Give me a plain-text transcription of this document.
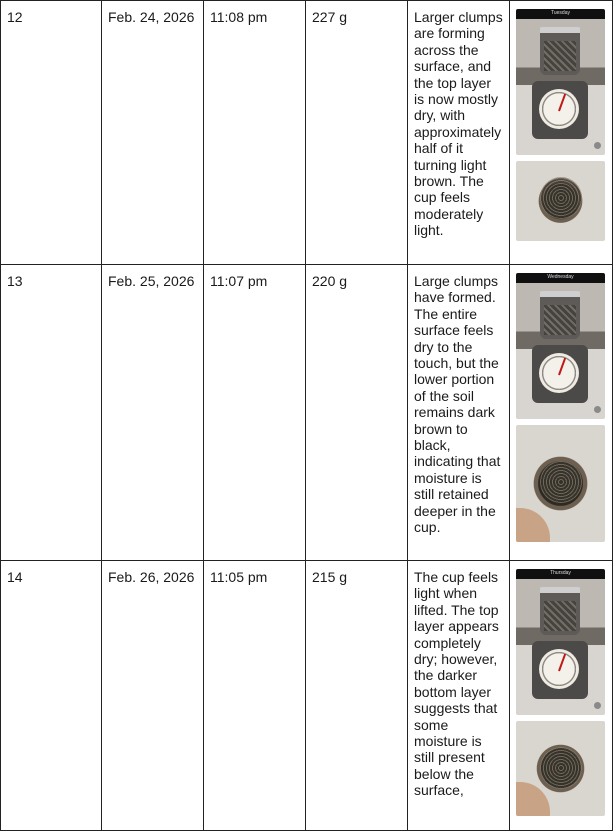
12	Feb. 24, 2026	11:08 pm	227 g	Larger clumps are forming across the surface, and the top layer is now mostly dry, with approximately half of it turning light brown. The cup feels moderately light.	Tuesday

13	Feb. 25, 2026	11:07 pm	220 g	Large clumps have formed. The entire surface feels dry to the touch, but the lower portion of the soil remains dark brown to black, indicating that moisture is still retained deeper in the cup.	Wednesday

14	Feb. 26, 2026	11:05 pm	215 g	The cup feels light when lifted. The top layer appears completely dry; however, the darker bottom layer suggests that some moisture is still present below the surface,	Thursday
